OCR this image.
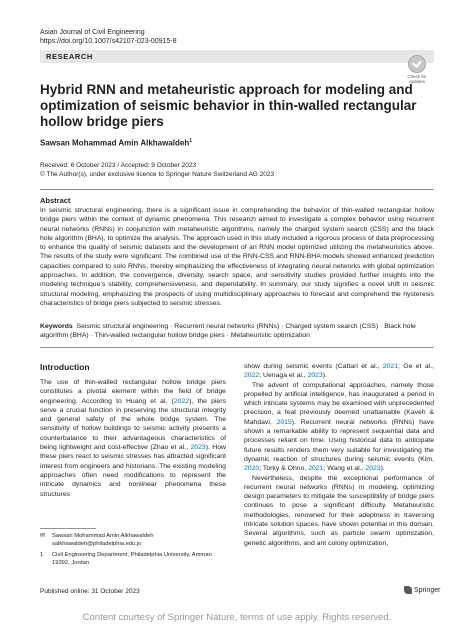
Asian Journal of Civil Engineering
https://doi.org/10.1007/s42107-023-00915-8
RESEARCH
Check for updates
Hybrid RNN and metaheuristic approach for modeling and optimization of seismic behavior in thin-walled rectangular hollow bridge piers
Sawsan Mohammad Amin Alkhawaldeh$^1$
Received: 6 October 2023 / Accepted: 9 October 2023
© The Author(s), under exclusive licence to Springer Nature Switzerland AG 2023
Abstract
In seismic structural engineering, there is a significant issue in comprehending the behavior of thin-walled rectangular hollow bridge piers within the context of dynamic phenomena. This research aimed to investigate a complex behavior using recurrent neural networks (RNNs) in conjunction with metaheuristic algorithms, namely the charged system search (CSS) and the black hole algorithm (BHA), to optimize the analysis. The approach used in this study included a rigorous process of data preprocessing to enhance the quality of seismic datasets and the development of an RNN model optimized utilizing the metaheuristics above. The results of the study were significant. The combined use of the RNN-CSS and RNN-BHA models showed enhanced prediction capacities compared to solo RNNs, thereby emphasizing the effectiveness of integrating neural networks with global optimization approaches. In addition, the convergence, diversity, search space, and sensitivity studies provided further insights into the modeling technique’s stability, comprehensiveness, and dependability. In summary, our study signifies a novel shift in seismic structural modeling, emphasizing the prospects of using multidisciplinary approaches to forecast and comprehend the hysteresis characteristics of bridge piers subjected to seismic stresses.
Keywords Seismic structural engineering · Recurrent neural networks (RNNs) · Charged system search (CSS) · Black hole algorithm (BHA) · Thin-walled rectangular hollow bridge piers · Metaheuristic optimization
Introduction

The use of thin-walled rectangular hollow bridge piers constitutes a pivotal element within the field of bridge engineering. According to Huang et al. (2022), the piers serve a crucial function in preserving the structural integrity and general safety of the whole bridge system. The sensitivity of hollow buildings to seismic activity presents a counterbalance to their advantageous characteristics of being lightweight and cost-effective (Zhao et al., 2023). How these piers react to seismic stresses has attracted significant interest from engineers and historians. The existing modeling approaches often need modifications to represent the intricate dynamics and nonlinear phenomena these structures

show during seismic events (Cattari et al., 2021; Ge et al., 2022; Uenaga et al., 2023).

The advent of computational approaches, namely those propelled by artificial intelligence, has inaugurated a period in which intricate systems may be examined with unprecedented precision, a feat previously deemed unattainable (Kaveh & Mahdavi, 2015). Recurrent neural networks (RNNs) have shown a remarkable ability to represent sequential data and processes reliant on time. Using historical data to anticipate future results renders them very suitable for investigating the dynamic reaction of structures during seismic events (Kim, 2020; Torky & Ohno, 2021; Wang et al., 2023).

Nevertheless, despite the exceptional performance of recurrent neural networks (RNNs) in modeling, optimizing design parameters to mitigate the susceptibility of bridge piers continues to pose a significant difficulty. Metaheuristic methodologies, renowned for their adeptness in traversing intricate solution spaces, have shown potential in this domain. Several algorithms, such as particle swarm optimization, genetic algorithms, and ant colony optimization,

✉	Sawsan Mohammad Amin Alkhawaldeh
salkhawaldeh@philadelphia.edu.jo
1	Civil Engineering Department, Philadelphia University, Amman 19392, Jordan
Published online: 31 October 2023	Springer
Content courtesy of Springer Nature, terms of use apply. Rights reserved.
